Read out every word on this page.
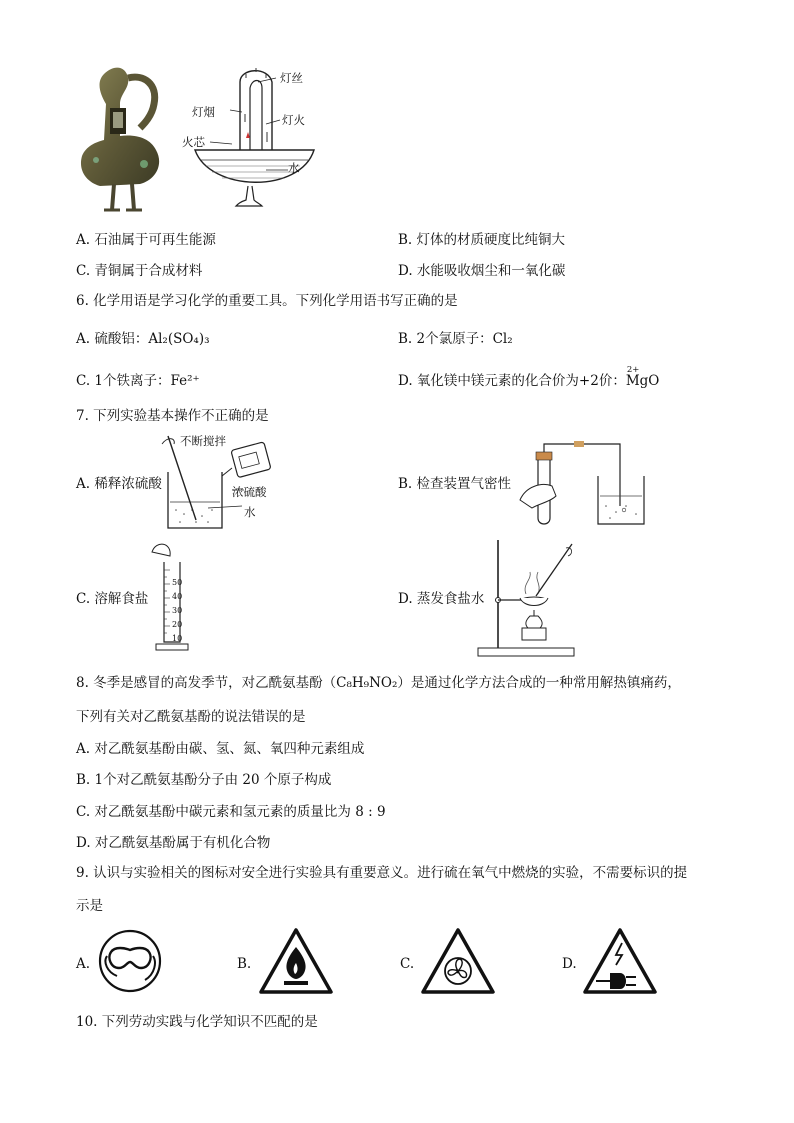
灯丝
灯烟
灯火
火芯
水
A. 石油属于可再生能源	B. 灯体的材质硬度比纯铜大
C. 青铜属于合成材料	D. 水能吸收烟尘和一氧化碳
6. 化学用语是学习化学的重要工具。下列化学用语书写正确的是
A. 硫酸铝：Al₂(SO₄)₃	B. 2个氯原子：Cl₂
C. 1个铁离子：Fe²⁺	D. 氧化镁中镁元素的化合价为+2价：
2+
MgO
7. 下列实验基本操作不正确的是
不断搅拌
浓硫酸
水
A. 稀释浓硫酸	B. 检查装置气密性
50
40
30
20
10
C. 溶解食盐	D. 蒸发食盐水
8. 冬季是感冒的高发季节，对乙酰氨基酚（C₈H₉NO₂）是通过化学方法合成的一种常用解热镇痛药，
下列有关对乙酰氨基酚的说法错误的是
A. 对乙酰氨基酚由碳、氢、氮、氧四种元素组成
B. 1个对乙酰氨基酚分子由 20 个原子构成
C. 对乙酰氨基酚中碳元素和氢元素的质量比为 8 : 9
D. 对乙酰氨基酚属于有机化合物
9. 认识与实验相关的图标对安全进行实验具有重要意义。进行硫在氧气中燃烧的实验，不需要标识的提
示是
A.	B.	C.	D.
10. 下列劳动实践与化学知识不匹配的是
